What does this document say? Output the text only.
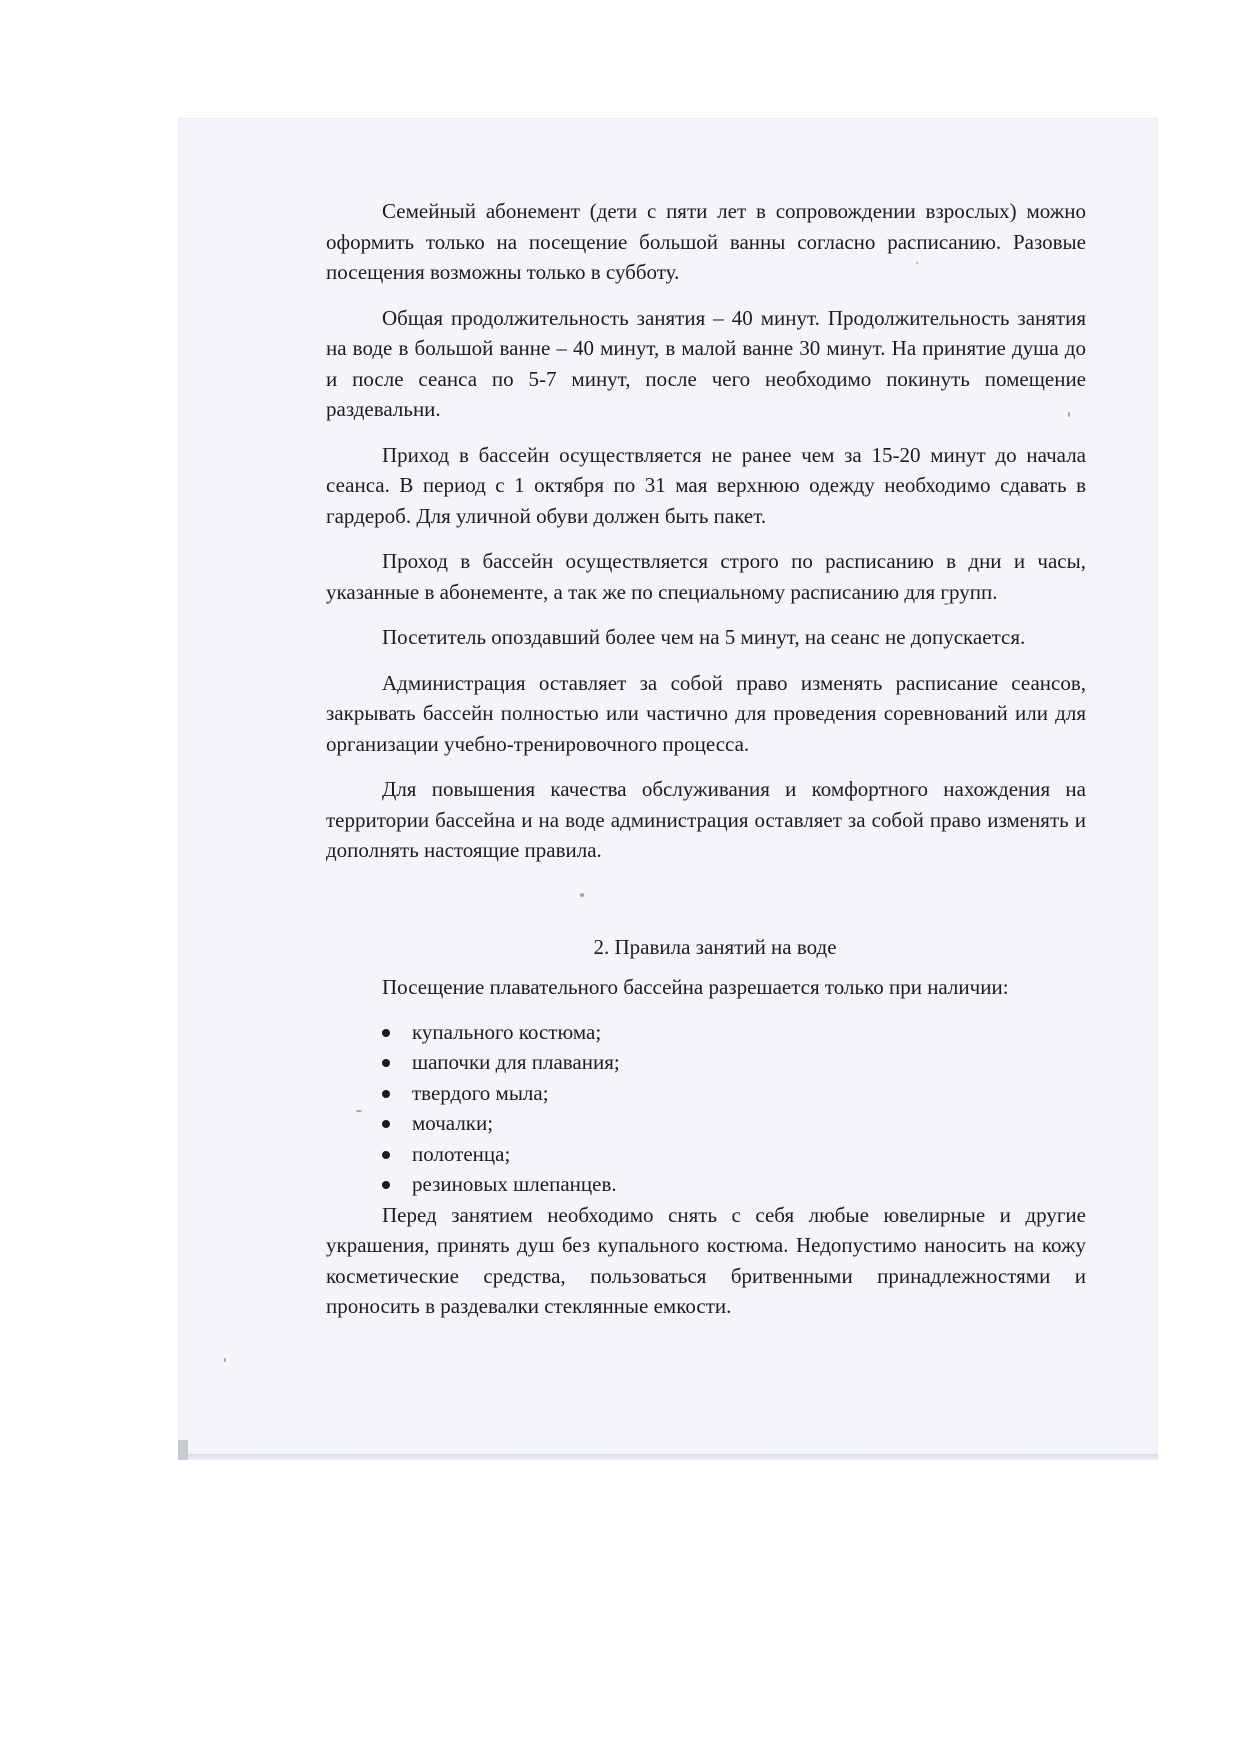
Семейный абонемент (дети с пяти лет в сопровождении взрослых) можно оформить только на посещение большой ванны согласно расписанию. Разовые посещения возможны только в субботу.

Общая продолжительность занятия – 40 минут. Продолжительность занятия на воде в большой ванне – 40 минут, в малой ванне 30 минут. На принятие душа до и после сеанса по 5-7 минут, после чего необходимо покинуть помещение раздевальни.

Приход в бассейн осуществляется не ранее чем за 15-20 минут до начала сеанса. В период с 1 октября по 31 мая верхнюю одежду необходимо сдавать в гардероб. Для уличной обуви должен быть пакет.

Проход в бассейн осуществляется строго по расписанию в дни и часы, указанные в абонементе, а так же по специальному расписанию для групп.

Посетитель опоздавший более чем на 5 минут, на сеанс не допускается.

Администрация оставляет за собой право изменять расписание сеансов, закрывать бассейн полностью или частично для проведения соревнований или для организации учебно-тренировочного процесса.

Для повышения качества обслуживания и комфортного нахождения на территории бассейна и на воде администрация оставляет за собой право изменять и дополнять настоящие правила.

2. Правила занятий на воде

Посещение плавательного бассейна разрешается только при наличии:

купального костюма;
шапочки для плавания;
твердого мыла;
мочалки;
полотенца;
резиновых шлепанцев.

Перед занятием необходимо снять с себя любые ювелирные и другие украшения, принять душ без купального костюма. Недопустимо наносить на кожу косметические средства, пользоваться бритвенными принадлежностями и проносить в раздевалки стеклянные емкости.
